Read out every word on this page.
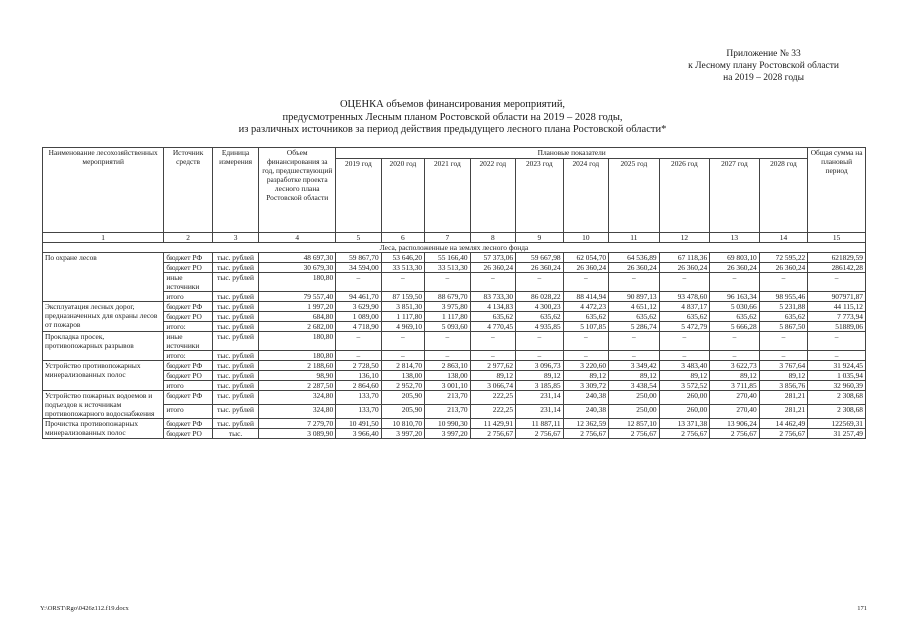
Приложение № 33
к Лесному плану Ростовской области
на 2019 – 2028 годы
ОЦЕНКА объемов финансирования мероприятий,
предусмотренных Лесным планом Ростовской области на 2019 – 2028 годы,
из различных источников за период действия предыдущего лесного плана Ростовской области*
Наименование лесохозяйственных мероприятий	Источник средств	Единица измерения	Объем финансирования за год, предшествующий разработке проекта лесного плана Ростовской области	Плановые показатели										Общая сумма на плановый период
				2019 год	2020 год	2021 год	2022 год	2023 год	2024 год	2025 год	2026 год	2027 год	2028 год	
1	2	3	4	5	6	7	8	9	10	11	12	13	14	15
Леса, расположенные на землях лесного фонда														
По охране лесов	бюджет РФ	тыс. рублей	48 697,30	59 867,70	53 646,20	55 166,40	57 373,06	59 667,98	62 054,70	64 536,89	67 118,36	69 803,10	72 595,22	621829,59
	бюджет РО	тыс. рублей	30 679,30	34 594,00	33 513,30	33 513,30	26 360,24	26 360,24	26 360,24	26 360,24	26 360,24	26 360,24	26 360,24	286142,28
	иные источники	тыс. рублей	180,80	–	–	–	–	–	–	–	–	–	–	–
	итого	тыс. рублей	79 557,40	94 461,70	87 159,50	88 679,70	83 733,30	86 028,22	88 414,94	90 897,13	93 478,60	96 163,34	98 955,46	907971,87
Эксплуатация лесных дорог, предназначенных для охраны лесов от пожаров	бюджет РФ	тыс. рублей	1 997,20	3 629,90	3 851,30	3 975,80	4 134,83	4 300,23	4 472,23	4 651,12	4 837,17	5 030,66	5 231,88	44 115,12
	бюджет РО	тыс. рублей	684,80	1 089,00	1 117,80	1 117,80	635,62	635,62	635,62	635,62	635,62	635,62	635,62	7 773,94
	итого:	тыс. рублей	2 682,00	4 718,90	4 969,10	5 093,60	4 770,45	4 935,85	5 107,85	5 286,74	5 472,79	5 666,28	5 867,50	51889,06
Прокладка просек, противопожарных разрывов	иные источники	тыс. рублей	180,80	–	–	–	–	–	–	–	–	–	–	–
	итого:	тыс. рублей	180,80	–	–	–	–	–	–	–	–	–	–	–
Устройство противопожарных минерализованных полос	бюджет РФ	тыс. рублей	2 188,60	2 728,50	2 814,70	2 863,10	2 977,62	3 096,73	3 220,60	3 349,42	3 483,40	3 622,73	3 767,64	31 924,45
	бюджет РО	тыс. рублей	98,90	136,10	138,00	138,00	89,12	89,12	89,12	89,12	89,12	89,12	89,12	1 035,94
	итого	тыс. рублей	2 287,50	2 864,60	2 952,70	3 001,10	3 066,74	3 185,85	3 309,72	3 438,54	3 572,52	3 711,85	3 856,76	32 960,39
Устройство пожарных водоемов и подъездов к источникам противопожарного водоснабжения	бюджет РФ	тыс. рублей	324,80	133,70	205,90	213,70	222,25	231,14	240,38	250,00	260,00	270,40	281,21	2 308,68
	итого	тыс. рублей	324,80	133,70	205,90	213,70	222,25	231,14	240,38	250,00	260,00	270,40	281,21	2 308,68
Прочистка противопожарных минерализованных полос	бюджет РФ	тыс. рублей	7 279,70	10 491,50	10 810,70	10 990,30	11 429,91	11 887,11	12 362,59	12 857,10	13 371,38	13 906,24	14 462,49	122569,31
	бюджет РО	тыс.	3 089,90	3 966,40	3 997,20	3 997,20	2 756,67	2 756,67	2 756,67	2 756,67	2 756,67	2 756,67	2 756,67	31 257,49
Y:\ORST\Rgo\0426z112.f19.docx	171
